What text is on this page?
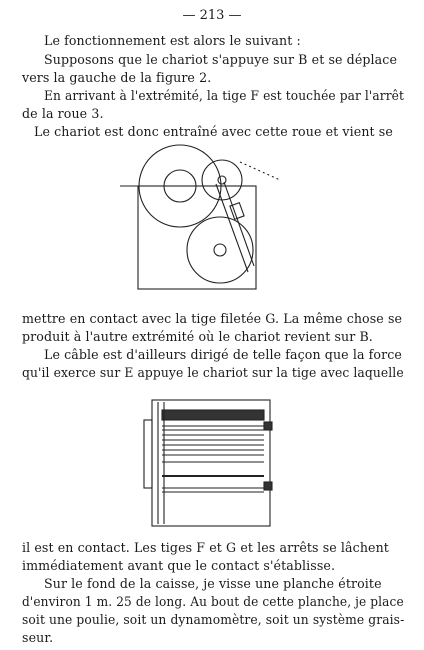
— 213 —
Le fonctionnement est alors le suivant :
Supposons que le chariot s'appuye sur B et se déplace
vers la gauche de la figure 2.
En arrivant à l'extrémité, la tige F est touchée par l'arrêt
de la roue 3.
Le chariot est donc entraîné avec cette roue et vient se
mettre en contact avec la tige filetée G. La même chose se
produit à l'autre extrémité où le chariot revient sur B.
Le câble est d'ailleurs dirigé de telle façon que la force
qu'il exerce sur E appuye le chariot sur la tige avec laquelle
il est en contact. Les tiges F et G et les arrêts se lâchent
immédiatement avant que le contact s'établisse.
Sur le fond de la caisse, je visse une planche étroite
d'environ 1 m. 25 de long. Au bout de cette planche, je place
soit une poulie, soit un dynamomètre, soit un système grais-
seur.
